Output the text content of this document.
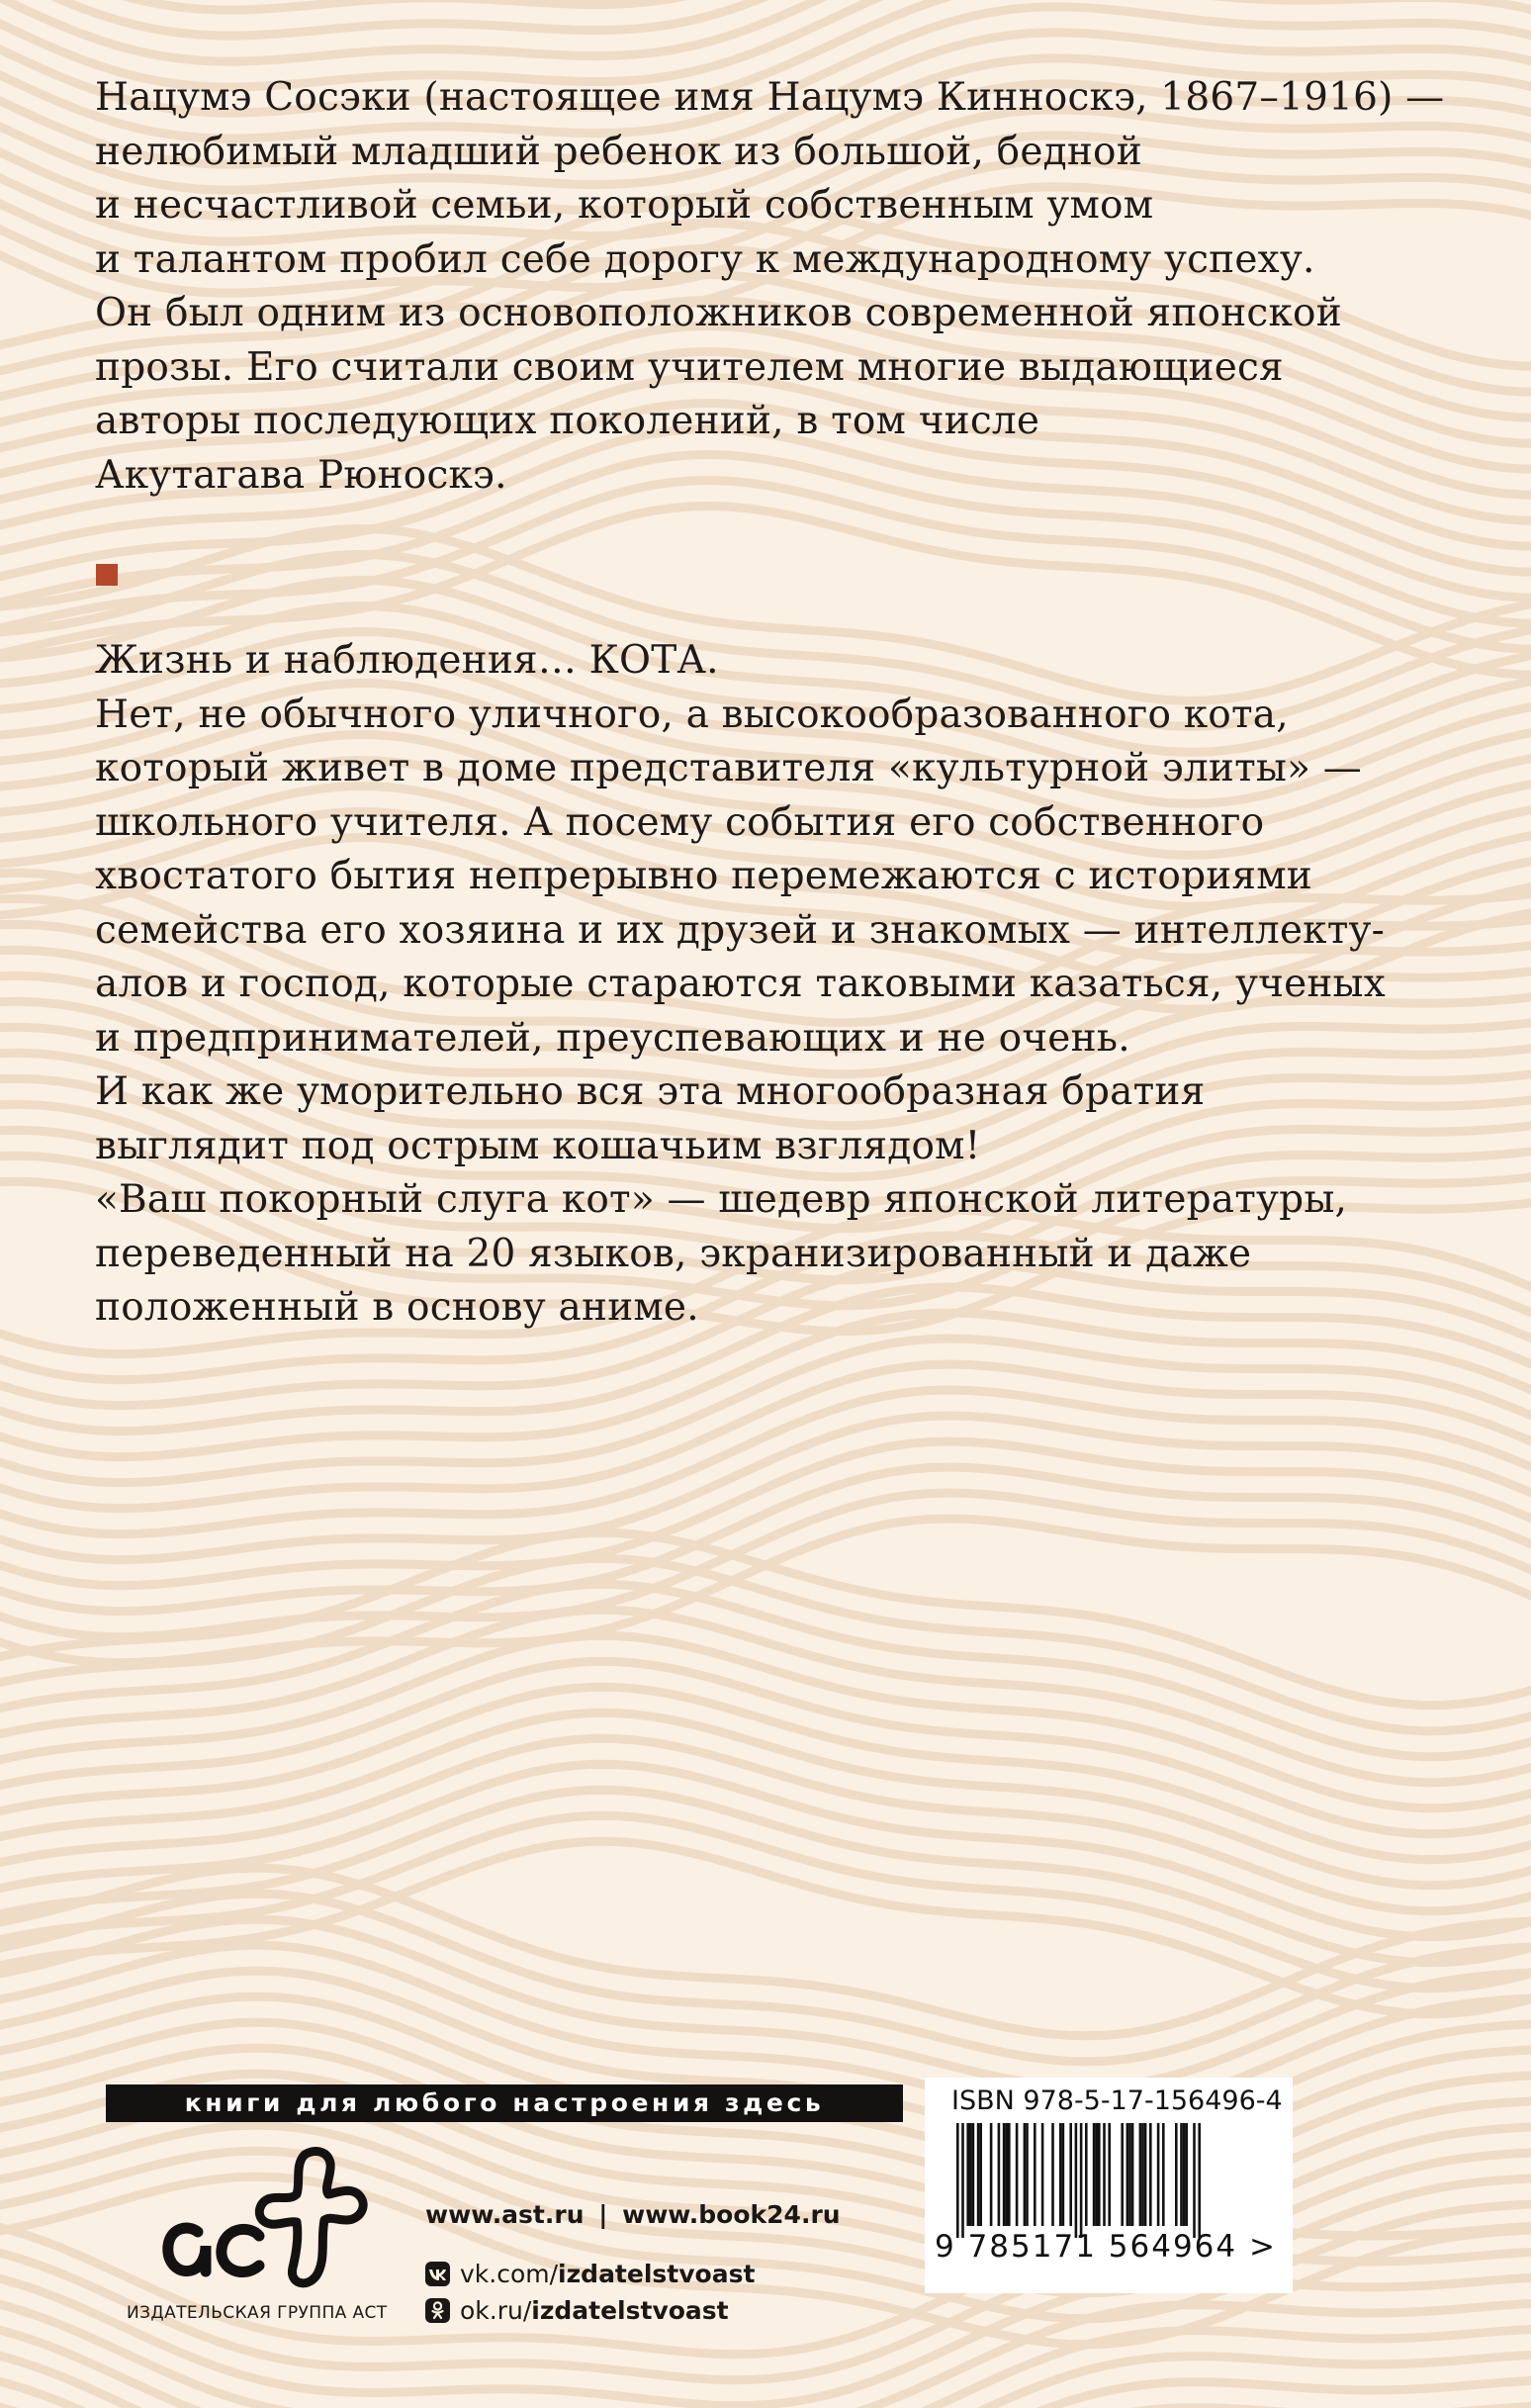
Нацумэ Сосэки (настоящее имя Нацумэ Кинноскэ, 1867–1916) —
нелюбимый младший ребенок из большой, бедной
и несчастливой семьи, который собственным умом
и талантом пробил себе дорогу к международному успеху.
Он был одним из основоположников современной японской
прозы. Его считали своим учителем многие выдающиеся
авторы последующих поколений, в том числе
Акутагава Рюноскэ.
Жизнь и наблюдения… КОТА.
Нет, не обычного уличного, а высокообразованного кота,
который живет в доме представителя «культурной элиты» —
школьного учителя. А посему события его собственного
хвостатого бытия непрерывно перемежаются с историями
семейства его хозяина и их друзей и знакомых — интеллекту-
алов и господ, которые стараются таковыми казаться, ученых
и предпринимателей, преуспевающих и не очень.
И как же уморительно вся эта многообразная братия
выглядит под острым кошачьим взглядом!
«Ваш покорный слуга кот» — шедевр японской литературы,
переведенный на 20 языков, экранизированный и даже
положенный в основу аниме.
книги для любого настроения здесь
ИЗДАТЕЛЬСКАЯ ГРУППА АСТ
www.ast.ru | www.book24.ru
vk.com/ izdatelstvoast
ok.ru/ izdatelstvoast
ISBN 978-5-17-156496-4
9 785171 564964 >
